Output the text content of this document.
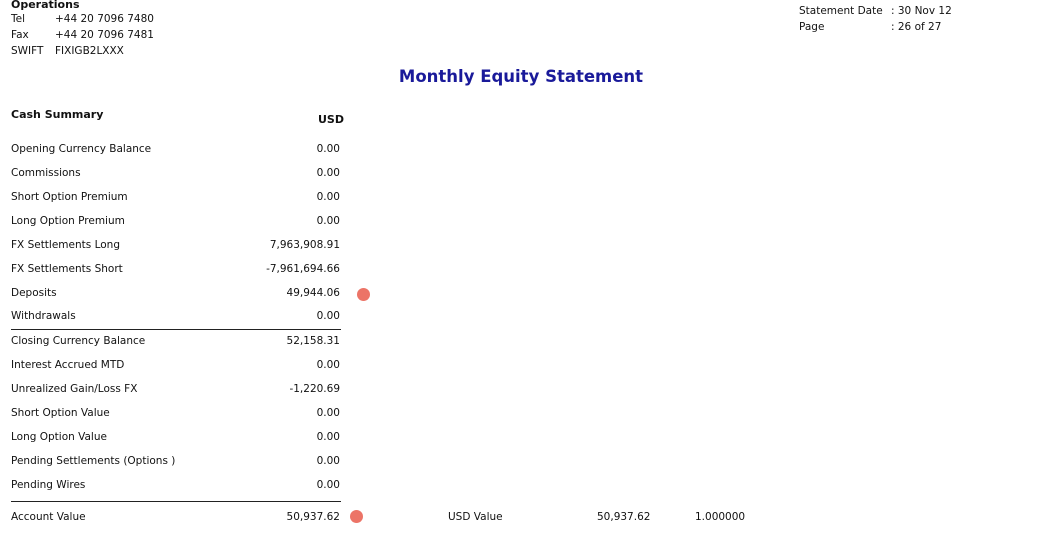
Operations
Tel	+44 20 7096 7480
Fax	+44 20 7096 7481
SWIFT FIXIGB2LXXX
Statement Date : 30 Nov 12
Page	: 26 of 27
Monthly Equity Statement
Cash Summary	USD
Opening Currency Balance	0.00
Commissions	0.00
Short Option Premium	0.00
Long Option Premium	0.00
FX Settlements Long	7,963,908.91
FX Settlements Short	-7,961,694.66
Deposits	49,944.06
Withdrawals	0.00
Closing Currency Balance	52,158.31
Interest Accrued MTD	0.00
Unrealized Gain/Loss FX	-1,220.69
Short Option Value	0.00
Long Option Value	0.00
Pending Settlements (Options )	0.00
Pending Wires	0.00
Account Value	50,937.62	USD Value	50,937.62	1.000000
